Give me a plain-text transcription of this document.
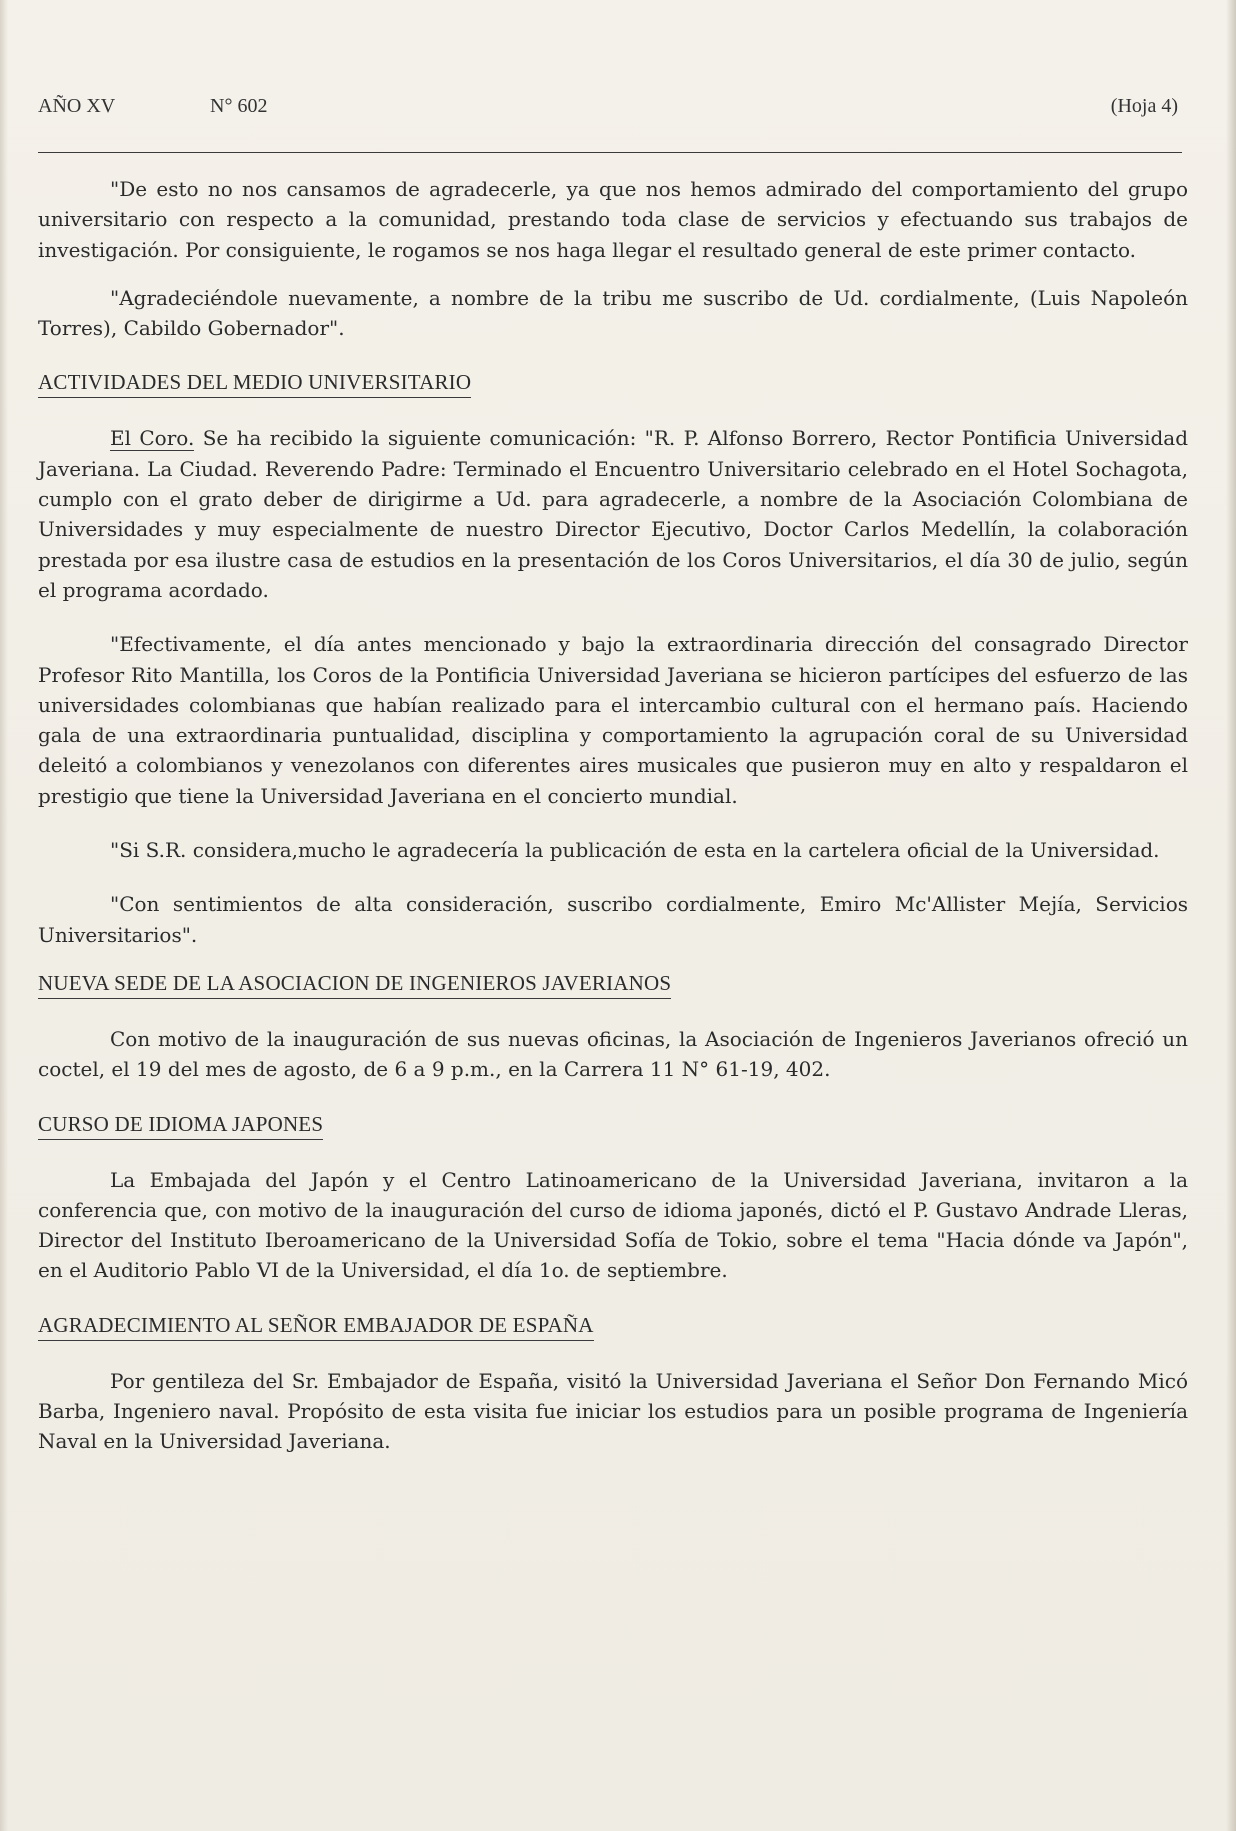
AÑO XV	N° 602	(Hoja 4)

"De esto no nos cansamos de agradecerle, ya que nos hemos admirado del comportamiento del grupo universitario con respecto a la comunidad, prestando toda clase de servicios y efectuando sus trabajos de investigación. Por consiguiente, le rogamos se nos haga llegar el resultado general de este primer contacto.

"Agradeciéndole nuevamente, a nombre de la tribu me suscribo de Ud. cordialmente, (Luis Napoleón Torres), Cabildo Gobernador".

ACTIVIDADES DEL MEDIO UNIVERSITARIO

El Coro. Se ha recibido la siguiente comunicación: "R. P. Alfonso Borrero, Rector Pontificia Universidad Javeriana. La Ciudad. Reverendo Padre: Terminado el Encuentro Universitario celebrado en el Hotel Sochagota, cumplo con el grato deber de dirigirme a Ud. para agradecerle, a nombre de la Asociación Colombiana de Universidades y muy especialmente de nuestro Director Ejecutivo, Doctor Carlos Medellín, la colaboración prestada por esa ilustre casa de estudios en la presentación de los Coros Universitarios, el día 30 de julio, según el programa acordado.

"Efectivamente, el día antes mencionado y bajo la extraordinaria dirección del consagrado Director Profesor Rito Mantilla, los Coros de la Pontificia Universidad Javeriana se hicieron partícipes del esfuerzo de las universidades colombianas que habían realizado para el intercambio cultural con el hermano país. Haciendo gala de una extraordinaria puntualidad, disciplina y comportamiento la agrupación coral de su Universidad deleitó a colombianos y venezolanos con diferentes aires musicales que pusieron muy en alto y respaldaron el prestigio que tiene la Universidad Javeriana en el concierto mundial.

"Si S.R. considera,mucho le agradecería la publicación de esta en la cartelera oficial de la Universidad.

"Con sentimientos de alta consideración, suscribo cordialmente, Emiro Mc'Allister Mejía, Servicios Universitarios".

NUEVA SEDE DE LA ASOCIACION DE INGENIEROS JAVERIANOS

Con motivo de la inauguración de sus nuevas oficinas, la Asociación de Ingenieros Javerianos ofreció un coctel, el 19 del mes de agosto, de 6 a 9 p.m., en la Carrera 11 N° 61-19, 402.

CURSO DE IDIOMA JAPONES

La Embajada del Japón y el Centro Latinoamericano de la Universidad Javeriana, invitaron a la conferencia que, con motivo de la inauguración del curso de idioma japonés, dictó el P. Gustavo Andrade Lleras, Director del Instituto Iberoamericano de la Universidad Sofía de Tokio, sobre el tema "Hacia dónde va Japón", en el Auditorio Pablo VI de la Universidad, el día 1o. de septiembre.

AGRADECIMIENTO AL SEÑOR EMBAJADOR DE ESPAÑA

Por gentileza del Sr. Embajador de España, visitó la Universidad Javeriana el Señor Don Fernando Micó Barba, Ingeniero naval. Propósito de esta visita fue iniciar los estudios para un posible programa de Ingeniería Naval en la Universidad Javeriana.
